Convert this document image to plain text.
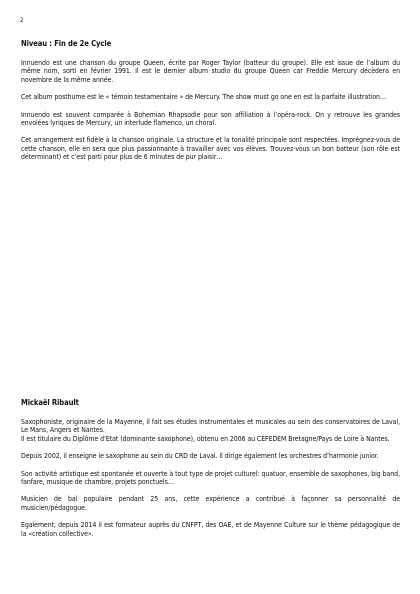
2
Niveau : Fin de 2e Cycle

Innuendo est une chanson du groupe Queen, écrite par Roger Taylor (batteur du groupe). Elle est issue de l’album du même nom, sorti en février 1991. Il est le dernier album studio du groupe Queen car Freddie Mercury décèdera en novembre de la même année.

Cet album posthume est le « témoin testamentaire » de Mercury. The show must go one en est la parfaite illustration…

Innuendo est souvent comparée à Bohemian Rhapsodie pour son affiliation à l’opéra-rock. On y retrouve les grandes envolées lyriques de Mercury, un interlude flamenco, un choral.

Cet arrangement est fidèle à la chanson originale. La structure et la tonalité principale sont respectées. Imprégnez-vous de cette chanson, elle en sera que plus passionnante à travailler avec vos élèves. Trouvez-vous un bon batteur (son rôle est déterminant) et c’est parti pour plus de 6 minutes de pur plaisir…

Mickaël Ribault

Saxophoniste, originaire de la Mayenne, il fait ses études instrumentales et musicales au sein des conservatoires de Laval, Le Mans, Angers et Nantes.
Il est titulaire du Diplôme d’Etat (dominante saxophone), obtenu en 2006 au CEFEDEM Bretagne/Pays de Loire à Nantes.

Depuis 2002, il enseigne le saxophone au sein du CRD de Laval. Il dirige également les orchestres d’harmonie junior.

Son activité artistique est spontanée et ouverte à tout type de projet culturel: quatuor, ensemble de saxophones, big band, fanfare, musique de chambre, projets ponctuels…

Musicien de bal populaire pendant 25 ans, cette expérience a contribué à façonner sa personnalité de musicien/pédagogue.

Egalement, depuis 2014 il est formateur auprès du CNFPT, des OAE, et de Mayenne Culture sur le thème pédagogique de la «création collective».
